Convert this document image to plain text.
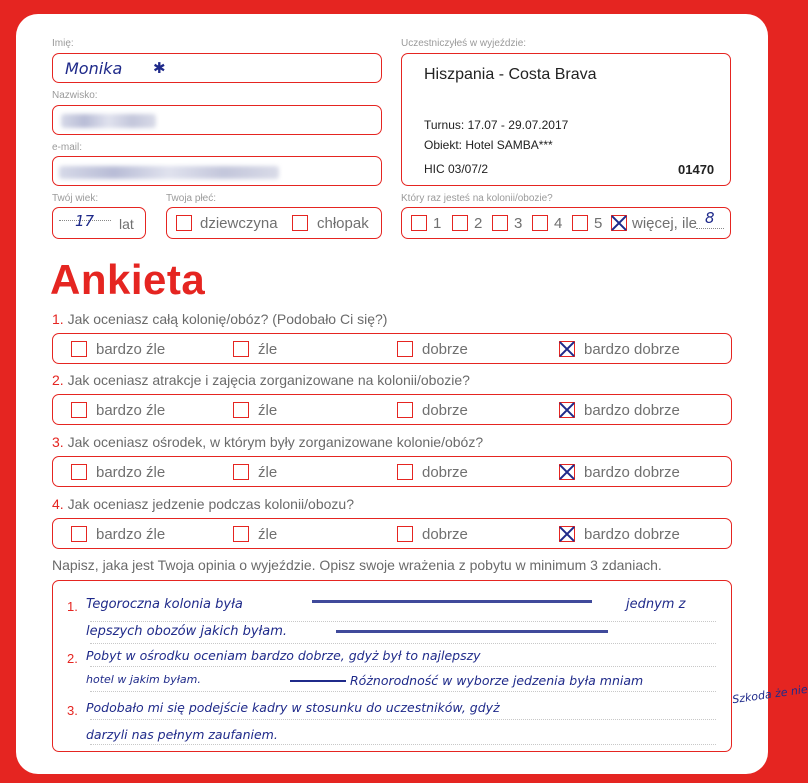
Imię:
Monika ✱
Nazwisko:
e-mail:
Twój wiek:
17 lat
Twoja płeć:
dziewczyna	chłopak
Uczestniczyłeś w wyjeździe:
Hiszpania - Costa Brava
Turnus: 17.07 - 29.07.2017
Obiekt: Hotel SAMBA***
HIC 03/07/2	01470
Który raz jesteś na kolonii/obozie?
1 2 3 4 5 więcej, ile 8
Ankieta
1. Jak oceniasz całą kolonię/obóz? (Podobało Ci się?)
bardzo źle	źle	dobrze	bardzo dobrze
2. Jak oceniasz atrakcje i zajęcia zorganizowane na kolonii/obozie?
bardzo źle	źle	dobrze	bardzo dobrze
3. Jak oceniasz ośrodek, w którym były zorganizowane kolonie/obóz?
bardzo źle	źle	dobrze	bardzo dobrze
4. Jak oceniasz jedzenie podczas kolonii/obozu?
bardzo źle	źle	dobrze	bardzo dobrze
Napisz, jaka jest Twoja opinia o wyjeździe. Opisz swoje wrażenia z pobytu w minimum 3 zdaniach.
1. Tegoroczna kolonia była	jednym z
lepszych obozów jakich byłam.
2. Pobyt w ośrodku oceniam bardzo dobrze, gdyż był to najlepszy
hotel w jakim byłam.	Różnorodność w wyborze jedzenia była mniam
3. Podobało mi się podejście kadry w stosunku do uczestników, gdyż
darzyli nas pełnym zaufaniem.
Szkoda że nie
